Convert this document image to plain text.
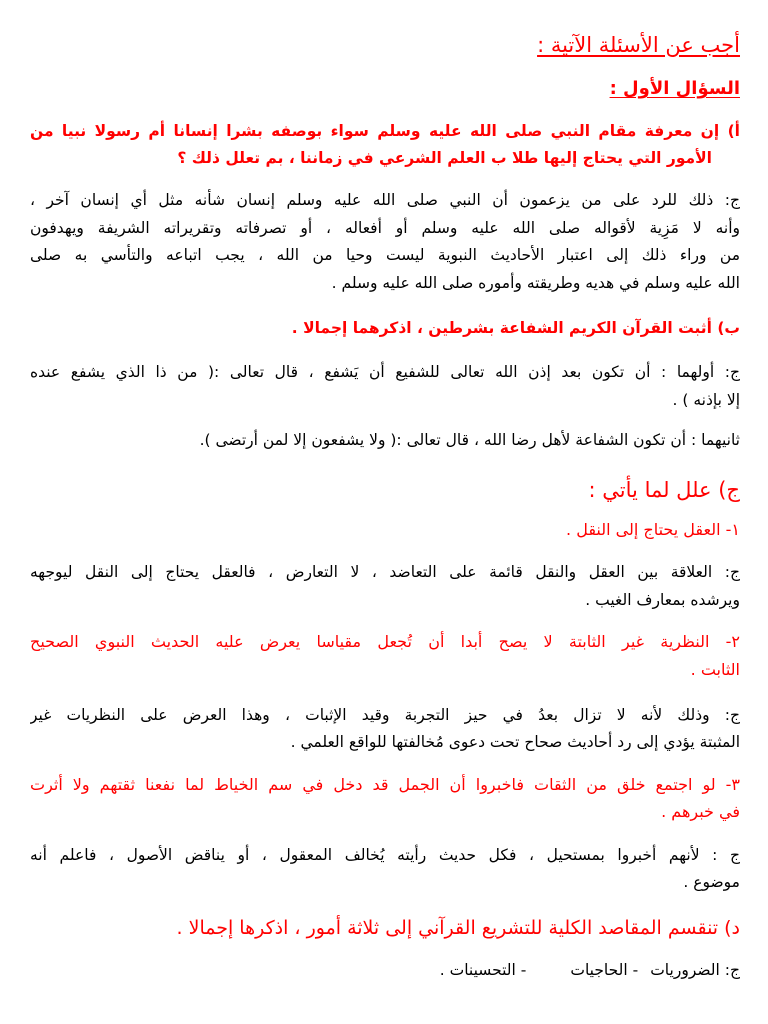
أجب عن الأسئلة الآتية :
السؤال الأول :
أ) إن معرفة مقام النبي صلى الله عليه وسلم سواء بوصفه بشرا إنسانا أم رسولا نبيا من
الأمور التي يحتاج إليها طلا ب العلم الشرعي في زماننا ، بم تعلل ذلك ؟
ج: ذلك للرد على من يزعمون أن النبي صلى الله عليه وسلم إنسان شأنه مثل أي إنسان آخر ،
وأنه لا مَزِية لأقواله صلى الله عليه وسلم أو أفعاله ، أو تصرفاته وتقريراته الشريفة ويهدفون
من وراء ذلك إلى اعتبار الأحاديث النبوية ليست وحيا من الله ، يجب اتباعه والتأسي به صلى
الله عليه وسلم في هديه وطريقته وأموره صلى الله عليه وسلم .
ب) أثبت القرآن الكريم الشفاعة بشرطين ، اذكرهما إجمالا .
ج: أولهما : أن تكون بعد إذن الله تعالى للشفيع أن يَشفع ، قال تعالى :( من ذا الذي يشفع عنده
إلا بإذنه ) .
ثانيهما : أن تكون الشفاعة لأهل رضا الله ، قال تعالى :( ولا يشفعون إلا لمن أرتضى ).
ج) علل لما يأتي :
١- العقل يحتاج إلى النقل .
ج: العلاقة بين العقل والنقل قائمة على التعاضد ، لا التعارض ، فالعقل يحتاج إلى النقل ليوجهه
ويرشده بمعارف الغيب .
٢- النظرية غير الثابتة لا يصح أبدا أن تُجعل مقياسا يعرض عليه الحديث النبوي الصحيح
الثابت .
ج: وذلك لأنه لا تزال بعدُ في حيز التجربة وقيد الإثبات ، وهذا العرض على النظريات غير
المثبتة يؤدي إلى رد أحاديث صحاح تحت دعوى مُخالفتها للواقع العلمي .
٣- لو اجتمع خلق من الثقات فاخبروا أن الجمل قد دخل في سم الخياط لما نفعنا ثقتهم ولا أثرت
في خبرهم .
ج : لأنهم أخبروا بمستحيل ، فكل حديث رأيته يُخالف المعقول ، أو يناقض الأصول ، فاعلم أنه
موضوع .
د) تنقسم المقاصد الكلية للتشريع القرآني إلى ثلاثة أمور ، اذكرها إجمالا .
ج: الضروريات
- الحاجيات
- التحسينات .
